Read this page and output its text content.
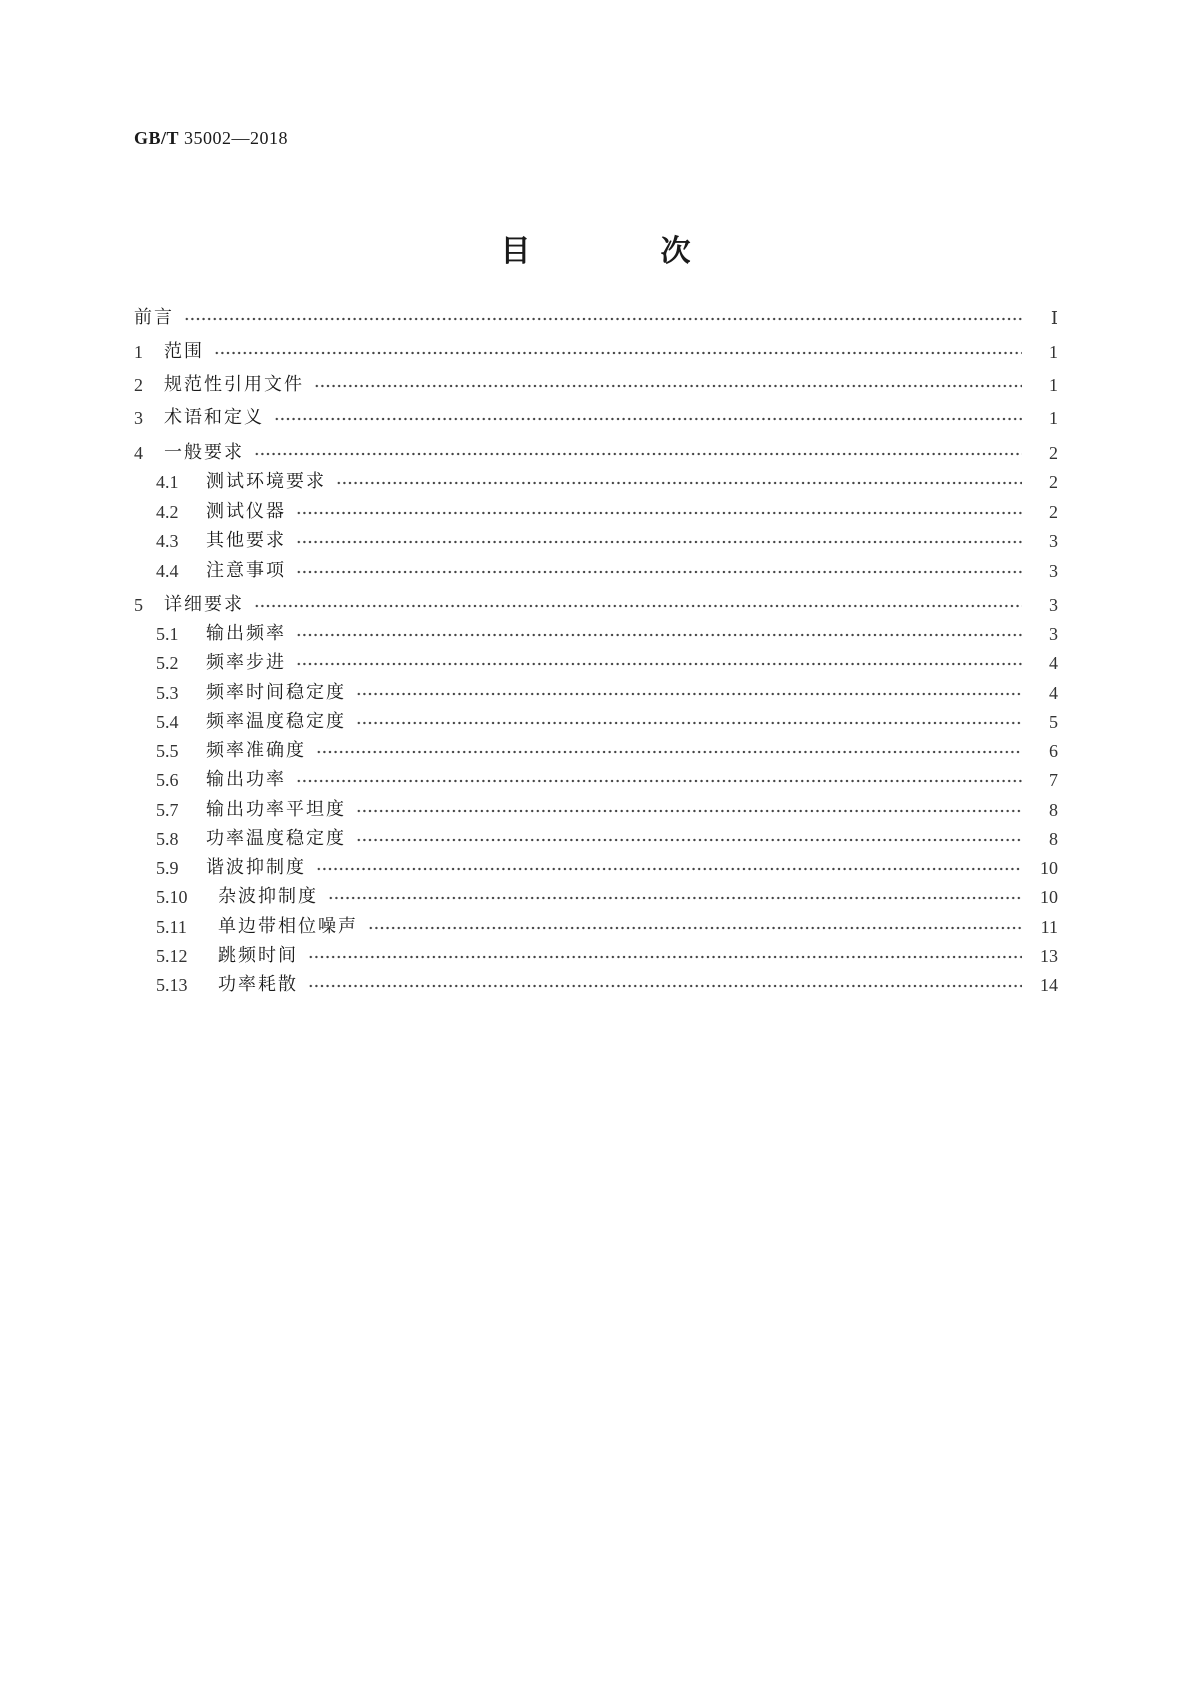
GB/T 35002—2018
目　次
前言	Ⅰ
1	范围	1
2	规范性引用文件	1
3	术语和定义	1
4	一般要求	2
4.1	测试环境要求	2
4.2	测试仪器	2
4.3	其他要求	3
4.4	注意事项	3
5	详细要求	3
5.1	输出频率	3
5.2	频率步进	4
5.3	频率时间稳定度	4
5.4	频率温度稳定度	5
5.5	频率准确度	6
5.6	输出功率	7
5.7	输出功率平坦度	8
5.8	功率温度稳定度	8
5.9	谐波抑制度	10
5.10	杂波抑制度	10
5.11	单边带相位噪声	11
5.12	跳频时间	13
5.13	功率耗散	14
